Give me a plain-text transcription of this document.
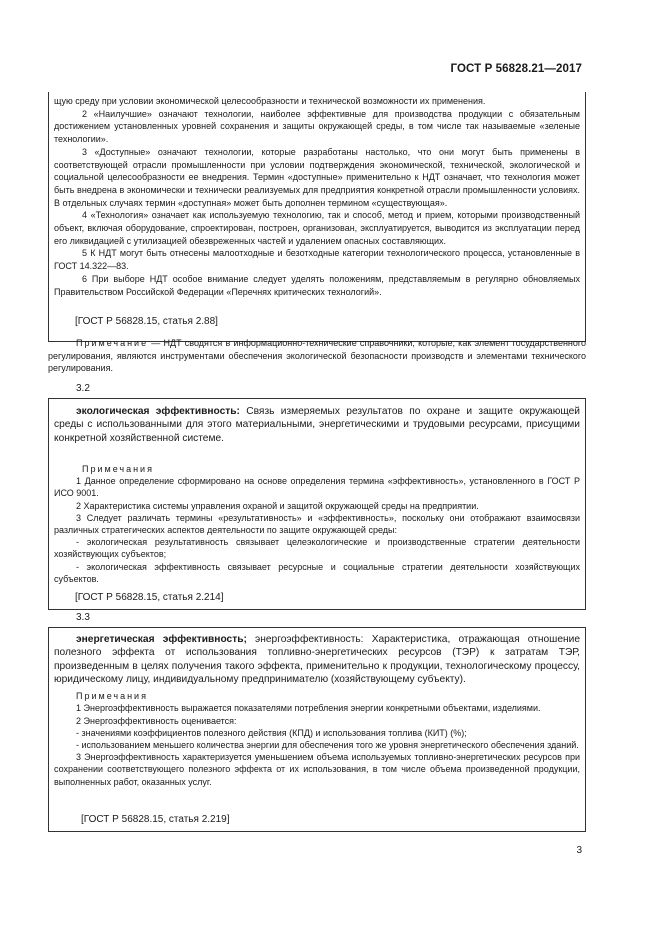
ГОСТ Р 56828.21—2017

щую среду при условии экономической целесообразности и технической возможности их применения.

2 «Наилучшие» означают технологии, наиболее эффективные для производства продукции с обязательным достижением установленных уровней сохранения и защиты окружающей среды, в том числе так называемые «зеленые технологии».

3 «Доступные» означают технологии, которые разработаны настолько, что они могут быть применены в соответствующей отрасли промышленности при условии подтверждения экономической, технической, экологической и социальной целесообразности ее внедрения. Термин «доступные» применительно к НДТ означает, что технология может быть внедрена в экономически и технически реализуемых для предприятия конкретной отрасли промышленности условиях. В отдельных случаях термин «доступная» может быть дополнен термином «существующая».

4 «Технология» означает как используемую технологию, так и способ, метод и прием, которыми производственный объект, включая оборудование, спроектирован, построен, организован, эксплуатируется, выводится из эксплуатации перед его ликвидацией с утилизацией обезвреженных частей и удалением опасных составляющих.

5 К НДТ могут быть отнесены малоотходные и безотходные категории технологического процесса, установленные в ГОСТ 14.322—83.

6 При выборе НДТ особое внимание следует уделять положениям, представляемым в регулярно обновляемых Правительством Российской Федерации «Перечнях критических технологий».

[ГОСТ Р 56828.15, статья 2.88]

Примечание — НДТ сводятся в информационно-технические справочники, которые, как элемент государственного регулирования, являются инструментами обеспечения экологической безопасности производств и элементами технического регулирования.

3.2

экологическая эффективность: Связь измеряемых результатов по охране и защите окружающей среды с использованными для этого материальными, энергетическими и трудовыми ресурсами, присущими конкретной хозяйственной системе.

Примечания

1 Данное определение сформировано на основе определения термина «эффективность», установленного в ГОСТ Р ИСО 9001.

2 Характеристика системы управления охраной и защитой окружающей среды на предприятии.

3 Следует различать термины «результативность» и «эффективность», поскольку они отображают взаимосвязи различных стратегических аспектов деятельности по защите окружающей среды:

- экологическая результативность связывает целеэкологические и производственные стратегии деятельности хозяйствующих субъектов;

- экологическая эффективность связывает ресурсные и социальные стратегии деятельности хозяйствующих субъектов.

[ГОСТ Р 56828.15, статья 2.214]
3.3

энергетическая эффективность; энергоэффективность: Характеристика, отражающая отношение полезного эффекта от использования топливно-энергетических ресурсов (ТЭР) к затратам ТЭР, произведенным в целях получения такого эффекта, применительно к продукции, технологическому процессу, юридическому лицу, индивидуальному предпринимателю (хозяйствующему субъекту).

Примечания

1 Энергоэффективность выражается показателями потребления энергии конкретными объектами, изделиями.

2 Энергоэффективность оценивается:

- значениями коэффициентов полезного действия (КПД) и использования топлива (КИТ) (%);

- использованием меньшего количества энергии для обеспечения того же уровня энергетического обеспечения зданий.

3 Энергоэффективность характеризуется уменьшением объема используемых топливно-энергетических ресурсов при сохранении соответствующего полезного эффекта от их использования, в том числе объема произведенной продукции, выполненных работ, оказанных услуг.

[ГОСТ Р 56828.15, статья 2.219]
3
